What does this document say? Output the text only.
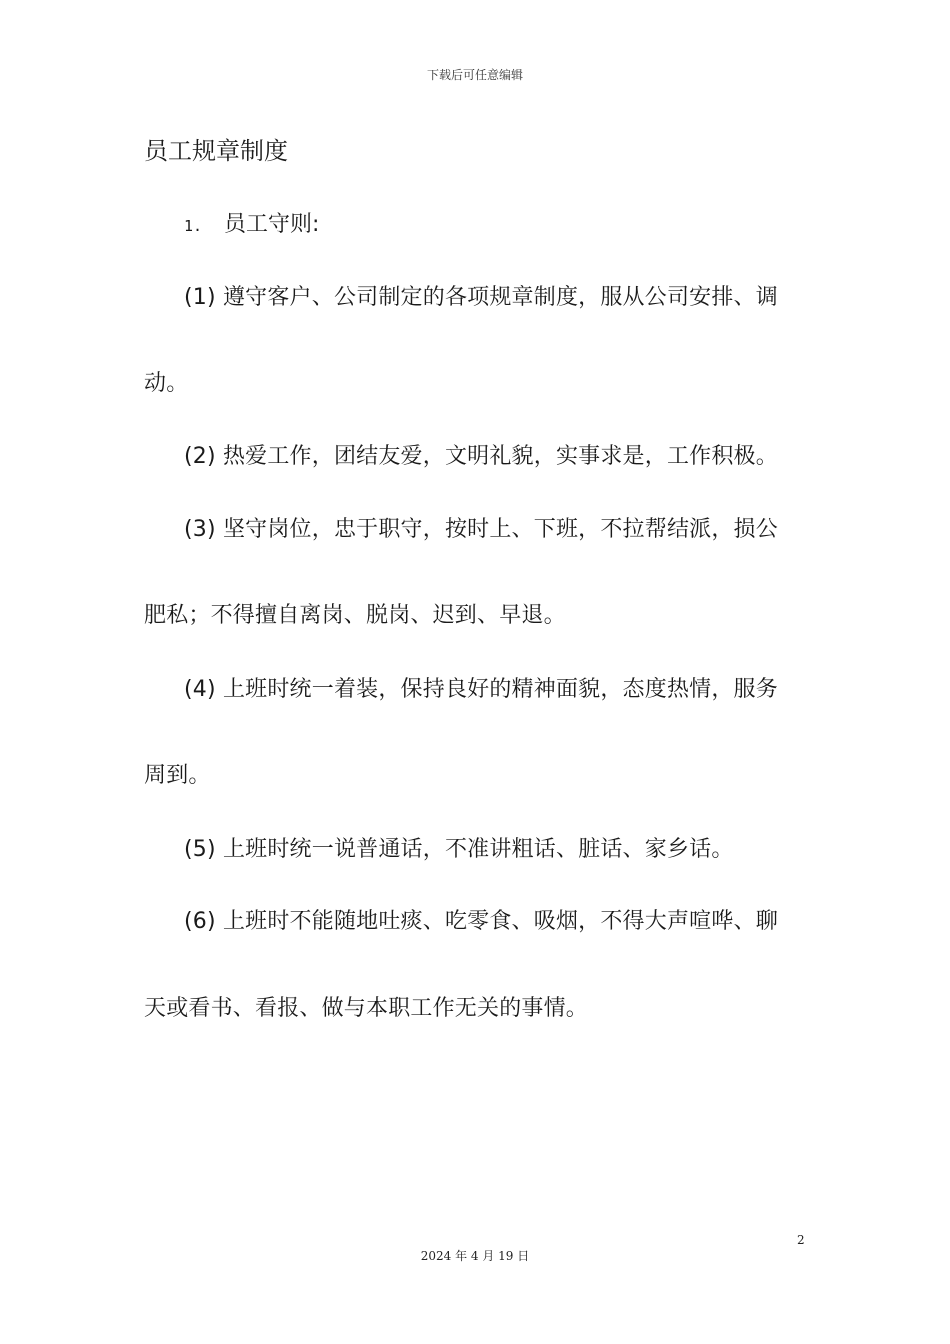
下载后可任意编辑
员工规章制度
1. 员工守则:
(1) 遵守客户、公司制定的各项规章制度，服从公司安排、调
动。
(2) 热爱工作，团结友爱，文明礼貌，实事求是，工作积极。
(3) 坚守岗位，忠于职守，按时上、下班，不拉帮结派，损公
肥私；不得擅自离岗、脱岗、迟到、早退。
(4) 上班时统一着装，保持良好的精神面貌，态度热情，服务
周到。
(5) 上班时统一说普通话，不准讲粗话、脏话、家乡话。
(6) 上班时不能随地吐痰、吃零食、吸烟，不得大声喧哗、聊
天或看书、看报、做与本职工作无关的事情。
2
2024 年 4 月 19 日
